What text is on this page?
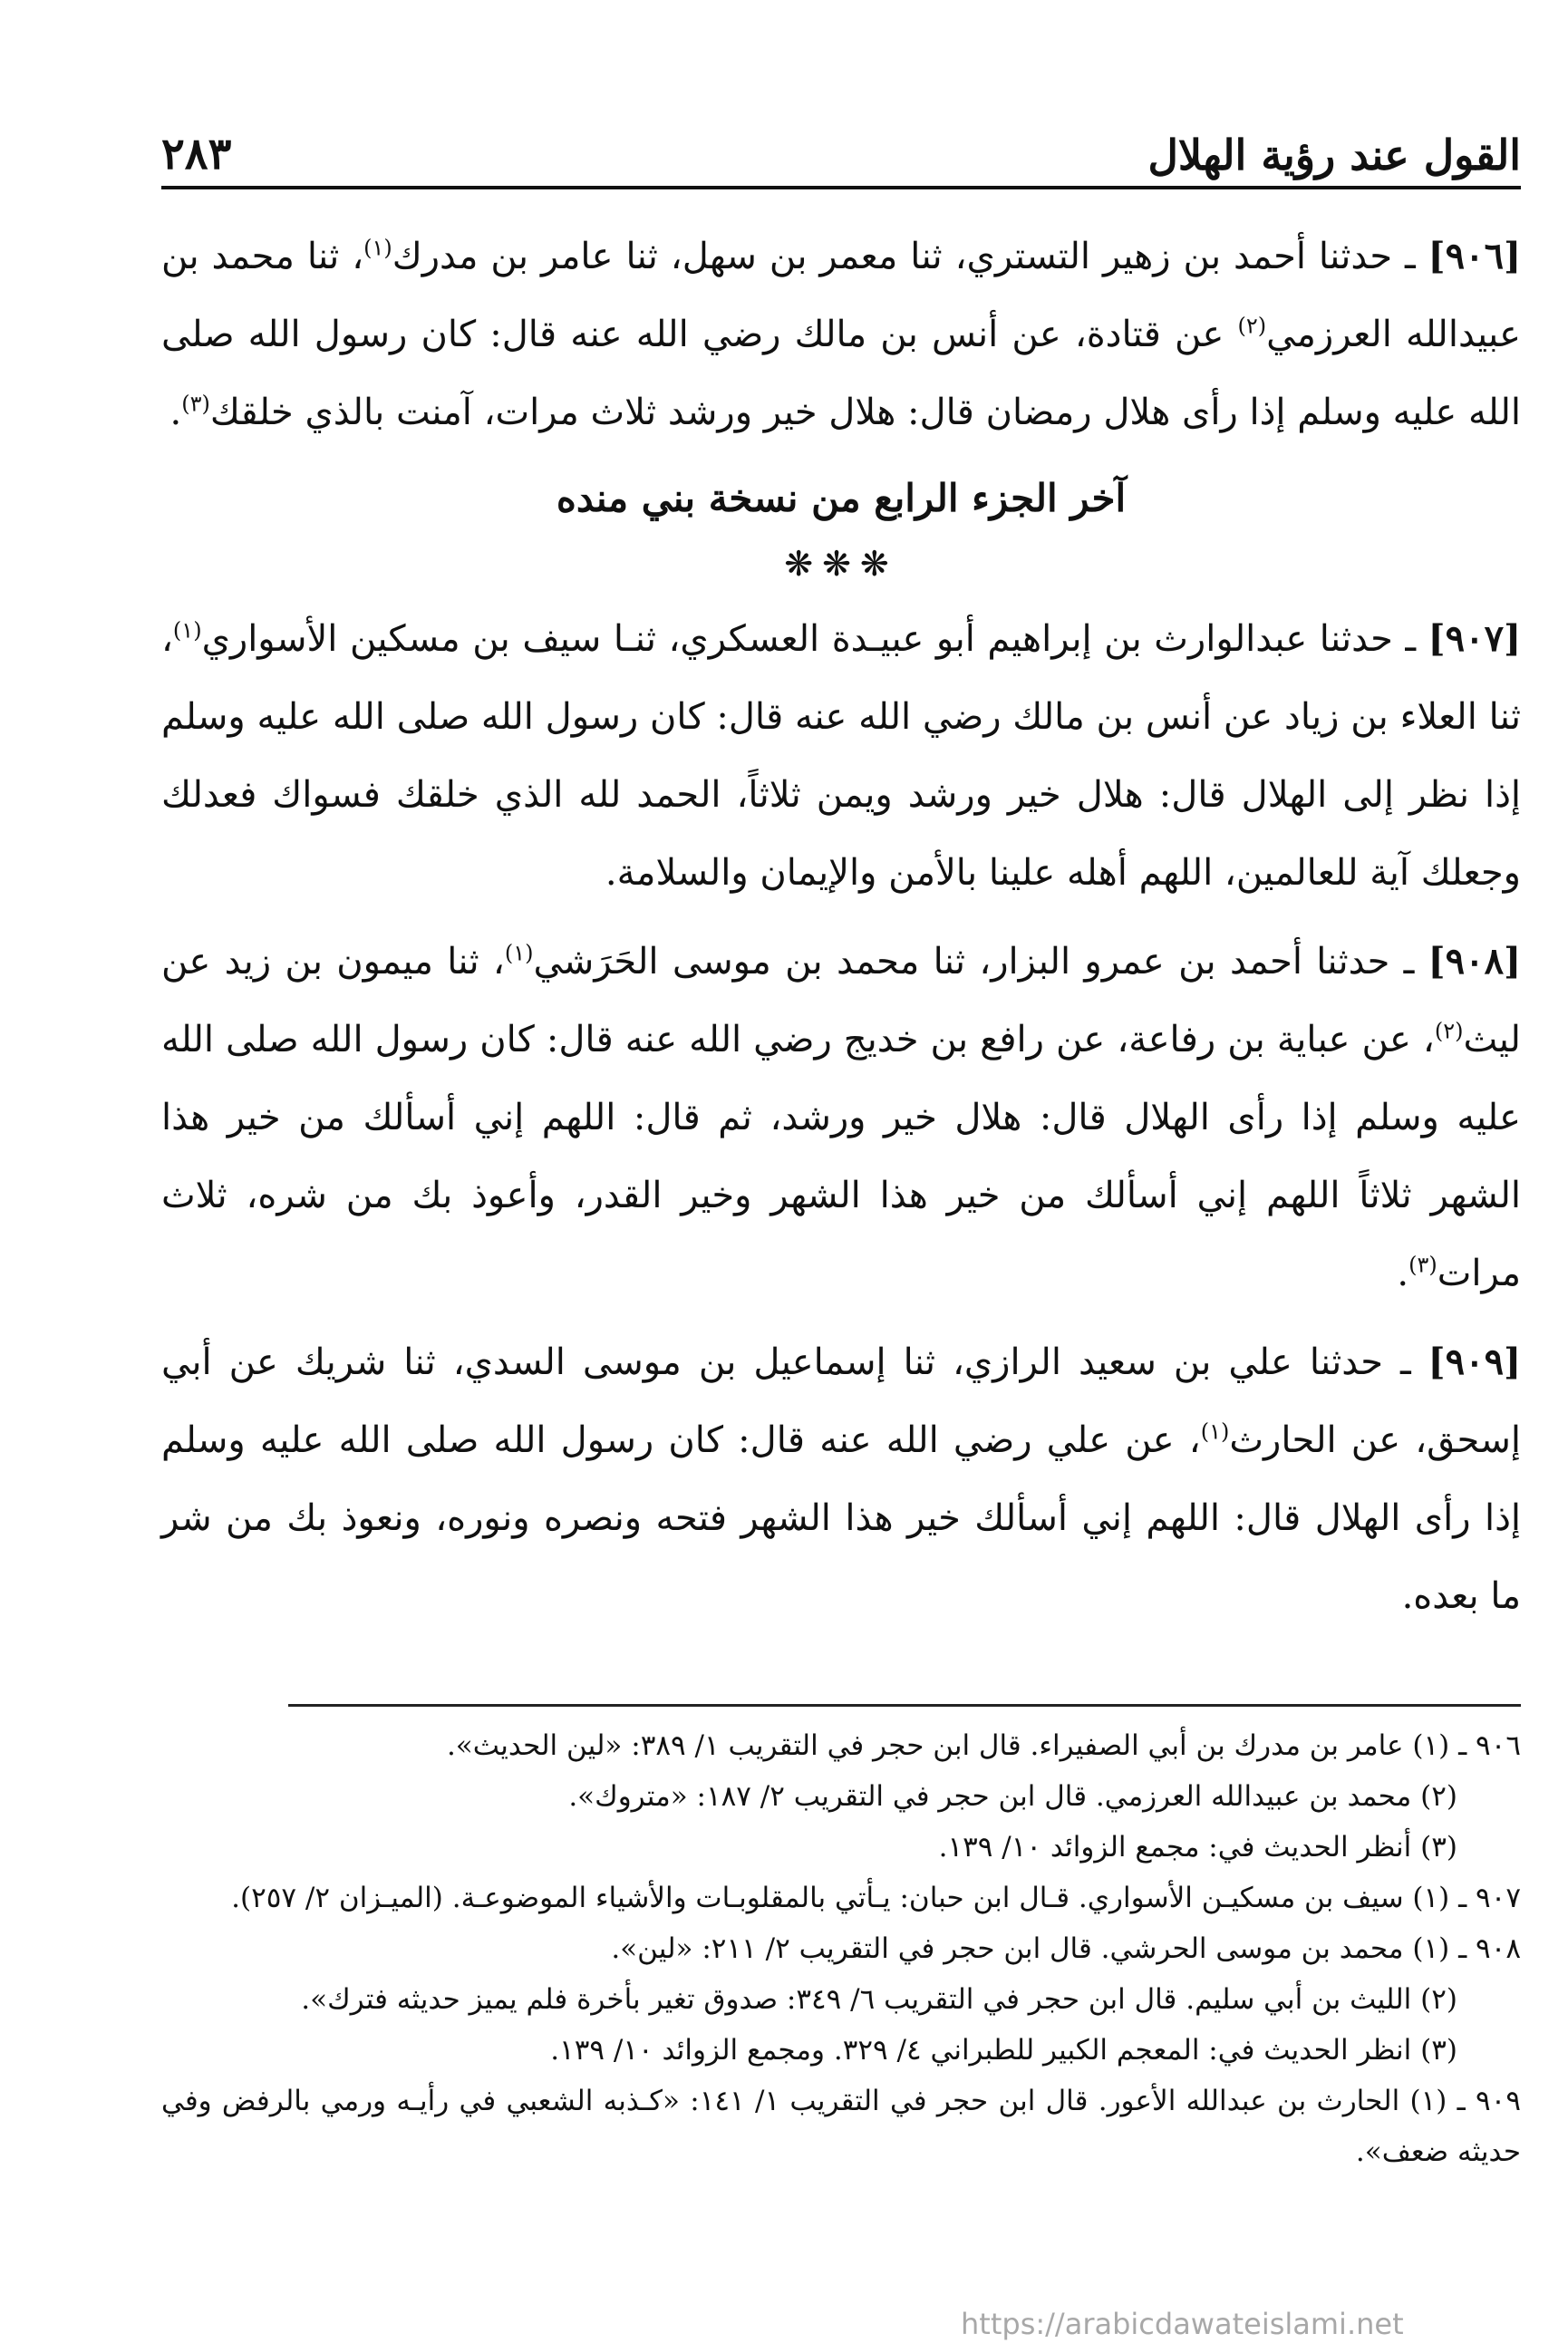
القول عند رؤية الهلال
٢٨٣

[٩٠٦] ـ حدثنا أحمد بن زهير التستري، ثنا معمر بن سهل، ثنا عامر بن مدرك$^{(١)}$، ثنا محمد بن عبيدالله العرزمي$^{(٢)}$ عن قتادة، عن أنس بن مالك رضي الله عنه قال: كان رسول الله صلى الله عليه وسلم إذا رأى هلال رمضان قال: هلال خير ورشد ثلاث مرات، آمنت بالذي خلقك$^{(٣)}$.

آخر الجزء الرابع من نسخة بني منده

❋❋❋

[٩٠٧] ـ حدثنا عبدالوارث بن إبراهيم أبو عبيـدة العسكري، ثنـا سيف بن مسكين الأسواري$^{(١)}$، ثنا العلاء بن زياد عن أنس بن مالك رضي الله عنه قال: كان رسول الله صلى الله عليه وسلم إذا نظر إلى الهلال قال: هلال خير ورشد ويمن ثلاثاً، الحمد لله الذي خلقك فسواك فعدلك وجعلك آية للعالمين، اللهم أهله علينا بالأمن والإيمان والسلامة.

[٩٠٨] ـ حدثنا أحمد بن عمرو البزار، ثنا محمد بن موسى الحَرَشي$^{(١)}$، ثنا ميمون بن زيد عن ليث$^{(٢)}$، عن عباية بن رفاعة، عن رافع بن خديج رضي الله عنه قال: كان رسول الله صلى الله عليه وسلم إذا رأى الهلال قال: هلال خير ورشد، ثم قال: اللهم إني أسألك من خير هذا الشهر ثلاثاً اللهم إني أسألك من خير هذا الشهر وخير القدر، وأعوذ بك من شره، ثلاث مرات$^{(٣)}$.

[٩٠٩] ـ حدثنا علي بن سعيد الرازي، ثنا إسماعيل بن موسى السدي، ثنا شريك عن أبي إسحق، عن الحارث$^{(١)}$، عن علي رضي الله عنه قال: كان رسول الله صلى الله عليه وسلم إذا رأى الهلال قال: اللهم إني أسألك خير هذا الشهر فتحه ونصره ونوره، ونعوذ بك من شر ما بعده.

٩٠٦ ـ (١) عامر بن مدرك بن أبي الصفيراء. قال ابن حجر في التقريب ١/ ٣٨٩: «لين الحديث».

(٢) محمد بن عبيدالله العرزمي. قال ابن حجر في التقريب ٢/ ١٨٧: «متروك».

(٣) أنظر الحديث في: مجمع الزوائد ١٠/ ١٣٩.

٩٠٧ ـ (١) سيف بن مسكيـن الأسواري. قـال ابن حبان: يـأتي بالمقلوبـات والأشياء الموضوعـة. (الميـزان ٢/ ٢٥٧).

٩٠٨ ـ (١) محمد بن موسى الحرشي. قال ابن حجر في التقريب ٢/ ٢١١: «لين».

(٢) الليث بن أبي سليم. قال ابن حجر في التقريب ٦/ ٣٤٩: صدوق تغير بأخرة فلم يميز حديثه فترك».

(٣) انظر الحديث في: المعجم الكبير للطبراني ٤/ ٣٢٩. ومجمع الزوائد ١٠/ ١٣٩.

٩٠٩ ـ (١) الحارث بن عبدالله الأعور. قال ابن حجر في التقريب ١/ ١٤١: «كـذبه الشعبي في رأيـه ورمي بالرفض وفي حديثه ضعف».

https://arabicdawateislami.net
